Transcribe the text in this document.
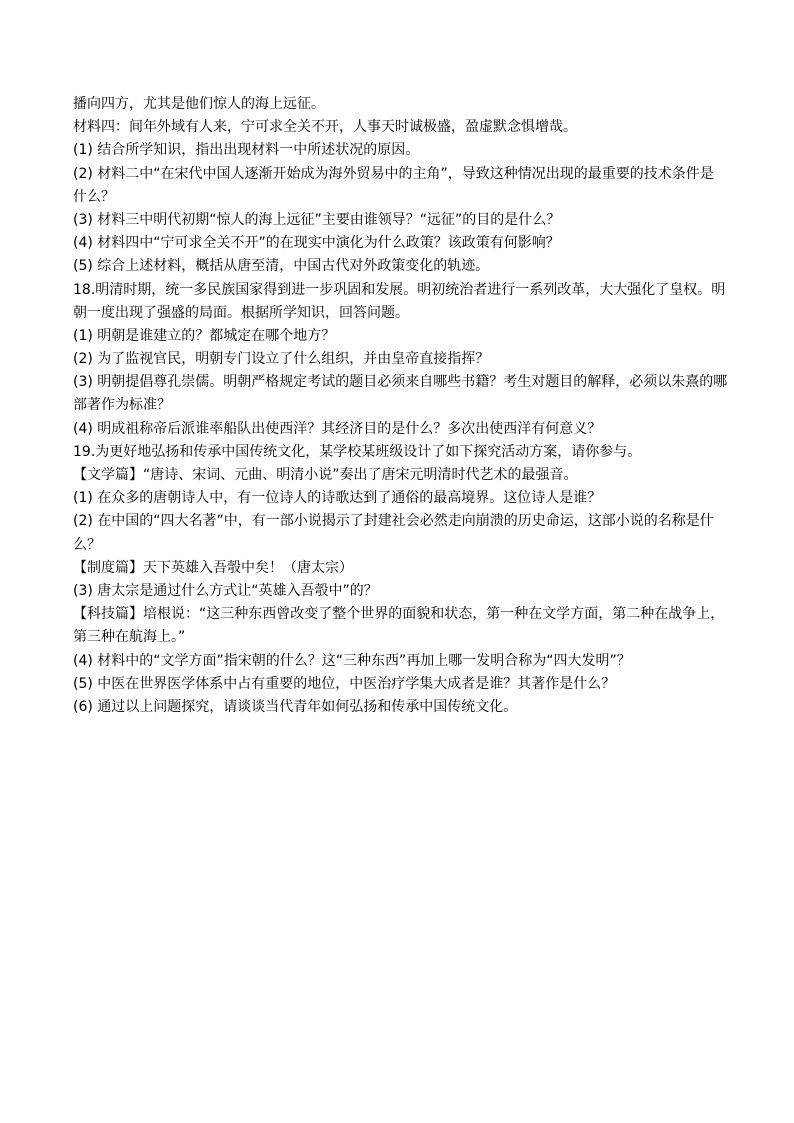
播向四方，尤其是他们惊人的海上远征。
材料四：间年外域有人来，宁可求全关不开，人事天时诚极盛，盈虚默念惧增哉。
(1) 结合所学知识，指出出现材料一中所述状况的原因。
(2) 材料二中“在宋代中国人逐渐开始成为海外贸易中的主角”，导致这种情况出现的最重要的技术条件是
什么？
(3) 材料三中明代初期“惊人的海上远征”主要由谁领导？“远征”的目的是什么？
(4) 材料四中“宁可求全关不开”的在现实中演化为什么政策？该政策有何影响？
(5) 综合上述材料，概括从唐至清，中国古代对外政策变化的轨迹。
18.明清时期，统一多民族国家得到进一步巩固和发展。明初统治者进行一系列改革，大大强化了皇权。明
朝一度出现了强盛的局面。根据所学知识，回答问题。
(1) 明朝是谁建立的？都城定在哪个地方？
(2) 为了监视官民，明朝专门设立了什么组织，并由皇帝直接指挥？
(3) 明朝提倡尊孔崇儒。明朝严格规定考试的题目必须来自哪些书籍？考生对题目的解释，必须以朱熹的哪
部著作为标准？
(4) 明成祖称帝后派谁率船队出使西洋？其经济目的是什么？多次出使西洋有何意义？
19.为更好地弘扬和传承中国传统文化，某学校某班级设计了如下探究活动方案，请你参与。
【文学篇】“唐诗、宋词、元曲、明清小说”奏出了唐宋元明清时代艺术的最强音。
(1) 在众多的唐朝诗人中，有一位诗人的诗歌达到了通俗的最高境界。这位诗人是谁？
(2) 在中国的“四大名著”中，有一部小说揭示了封建社会必然走向崩溃的历史命运，这部小说的名称是什
么？
【制度篇】天下英雄入吾彀中矣！（唐太宗）
(3) 唐太宗是通过什么方式让“英雄入吾彀中”的？
【科技篇】培根说：“这三种东西曾改变了整个世界的面貌和状态，第一种在文学方面，第二种在战争上，
第三种在航海上。”
(4) 材料中的“文学方面”指宋朝的什么？这“三种东西”再加上哪一发明合称为“四大发明”？
(5) 中医在世界医学体系中占有重要的地位，中医治疗学集大成者是谁？其著作是什么？
(6) 通过以上问题探究，请谈谈当代青年如何弘扬和传承中国传统文化。
